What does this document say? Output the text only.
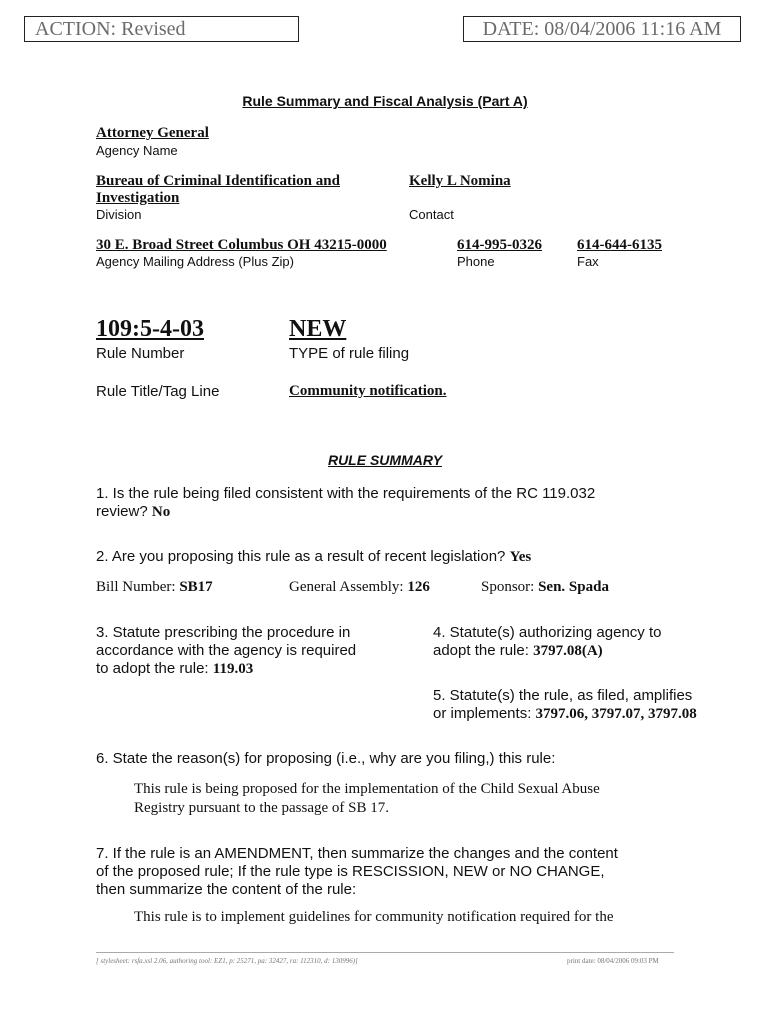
ACTION: Revised	DATE: 08/04/2006 11:16 AM
Rule Summary and Fiscal Analysis (Part A)
Attorney General
Agency Name
Bureau of Criminal Identification and
Investigation
Division
Kelly L Nomina
Contact
30 E. Broad Street Columbus OH 43215-0000
Agency Mailing Address (Plus Zip)
614-995-0326
Phone
614-644-6135
Fax
109:5-4-03
Rule Number
NEW
TYPE of rule filing
Rule Title/Tag Line	Community notification.
RULE SUMMARY
1. Is the rule being filed consistent with the requirements of the RC 119.032
review? No
2. Are you proposing this rule as a result of recent legislation? Yes
Bill Number: SB17	General Assembly: 126	Sponsor: Sen. Spada
3. Statute prescribing the procedure in
accordance with the agency is required
to adopt the rule: 119.03
4. Statute(s) authorizing agency to
adopt the rule: 3797.08(A)
5. Statute(s) the rule, as filed, amplifies
or implements: 3797.06, 3797.07, 3797.08
6. State the reason(s) for proposing (i.e., why are you filing,) this rule:
This rule is being proposed for the implementation of the Child Sexual Abuse
Registry pursuant to the passage of SB 17.
7. If the rule is an AMENDMENT, then summarize the changes and the content
of the proposed rule; If the rule type is RESCISSION, NEW or NO CHANGE,
then summarize the content of the rule:
This rule is to implement guidelines for community notification required for the
[ stylesheet: rsfa.xsl 2.06, authoring tool: EZ1, p: 25271, pa: 32427, ra: 112310, d: 130996)]	print date: 08/04/2006 09:03 PM
